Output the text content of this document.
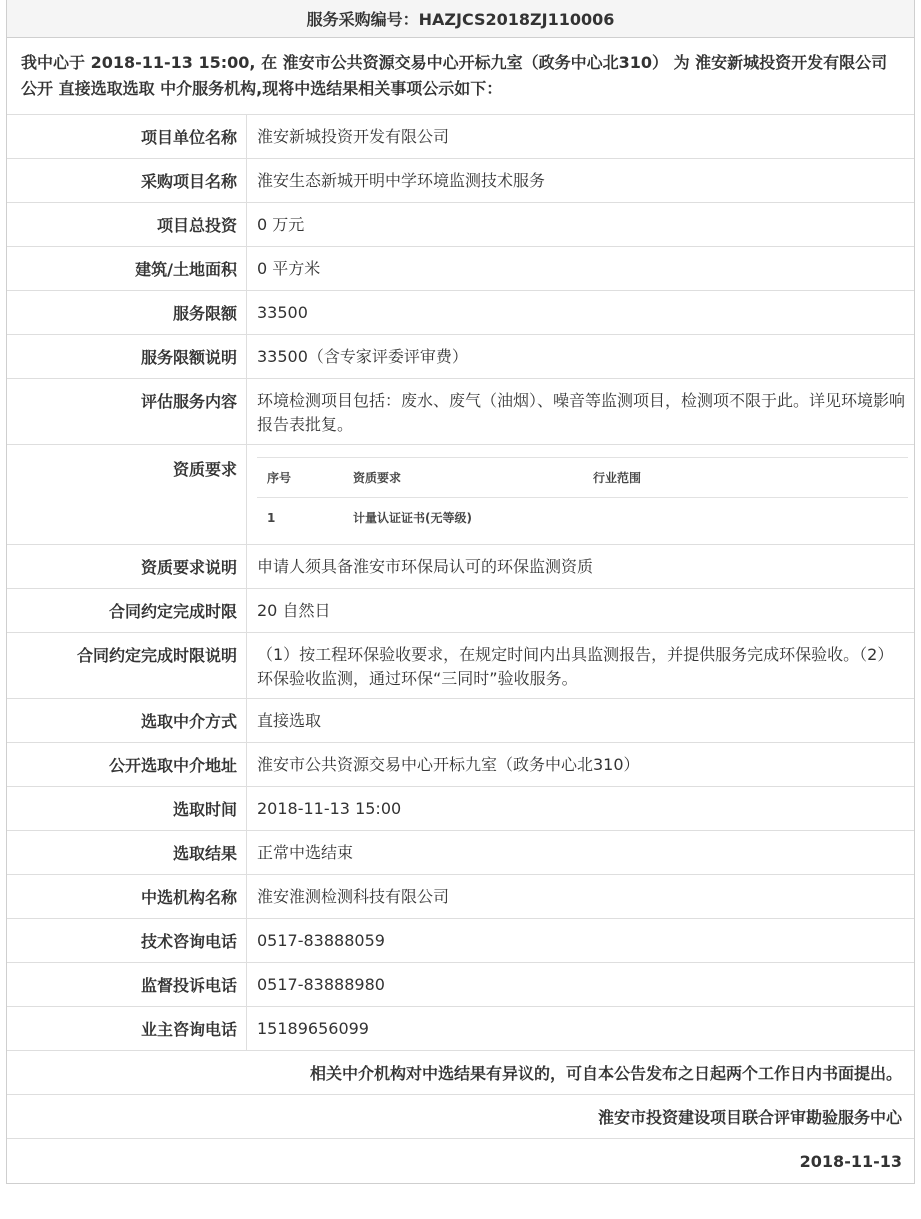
服务采购编号：HAZJCS2018ZJ110006
我中心于 2018-11-13 15:00, 在 淮安市公共资源交易中心开标九室（政务中心北310） 为 淮安新城投资开发有限公司 公开 直接选取选取 中介服务机构,现将中选结果相关事项公示如下：
项目单位名称	淮安新城投资开发有限公司
采购项目名称	淮安生态新城开明中学环境监测技术服务
项目总投资	0 万元
建筑/土地面积	0 平方米
服务限额	33500
服务限额说明	33500（含专家评委评审费）
评估服务内容	环境检测项目包括：废水、废气（油烟）、噪音等监测项目，检测项不限于此。详见环境影响报告表批复。
资质要求	序号	资质要求	行业范围
1	计量认证证书(无等级)
资质要求说明	申请人须具备淮安市环保局认可的环保监测资质
合同约定完成时限	20 自然日
合同约定完成时限说明	（1）按工程环保验收要求，在规定时间内出具监测报告，并提供服务完成环保验收。（2）环保验收监测，通过环保“三同时”验收服务。
选取中介方式	直接选取
公开选取中介地址	淮安市公共资源交易中心开标九室（政务中心北310）
选取时间	2018-11-13 15:00
选取结果	正常中选结束
中选机构名称	淮安淮测检测科技有限公司
技术咨询电话	0517-83888059
监督投诉电话	0517-83888980
业主咨询电话	15189656099
相关中介机构对中选结果有异议的，可自本公告发布之日起两个工作日内书面提出。
淮安市投资建设项目联合评审勘验服务中心
2018-11-13
